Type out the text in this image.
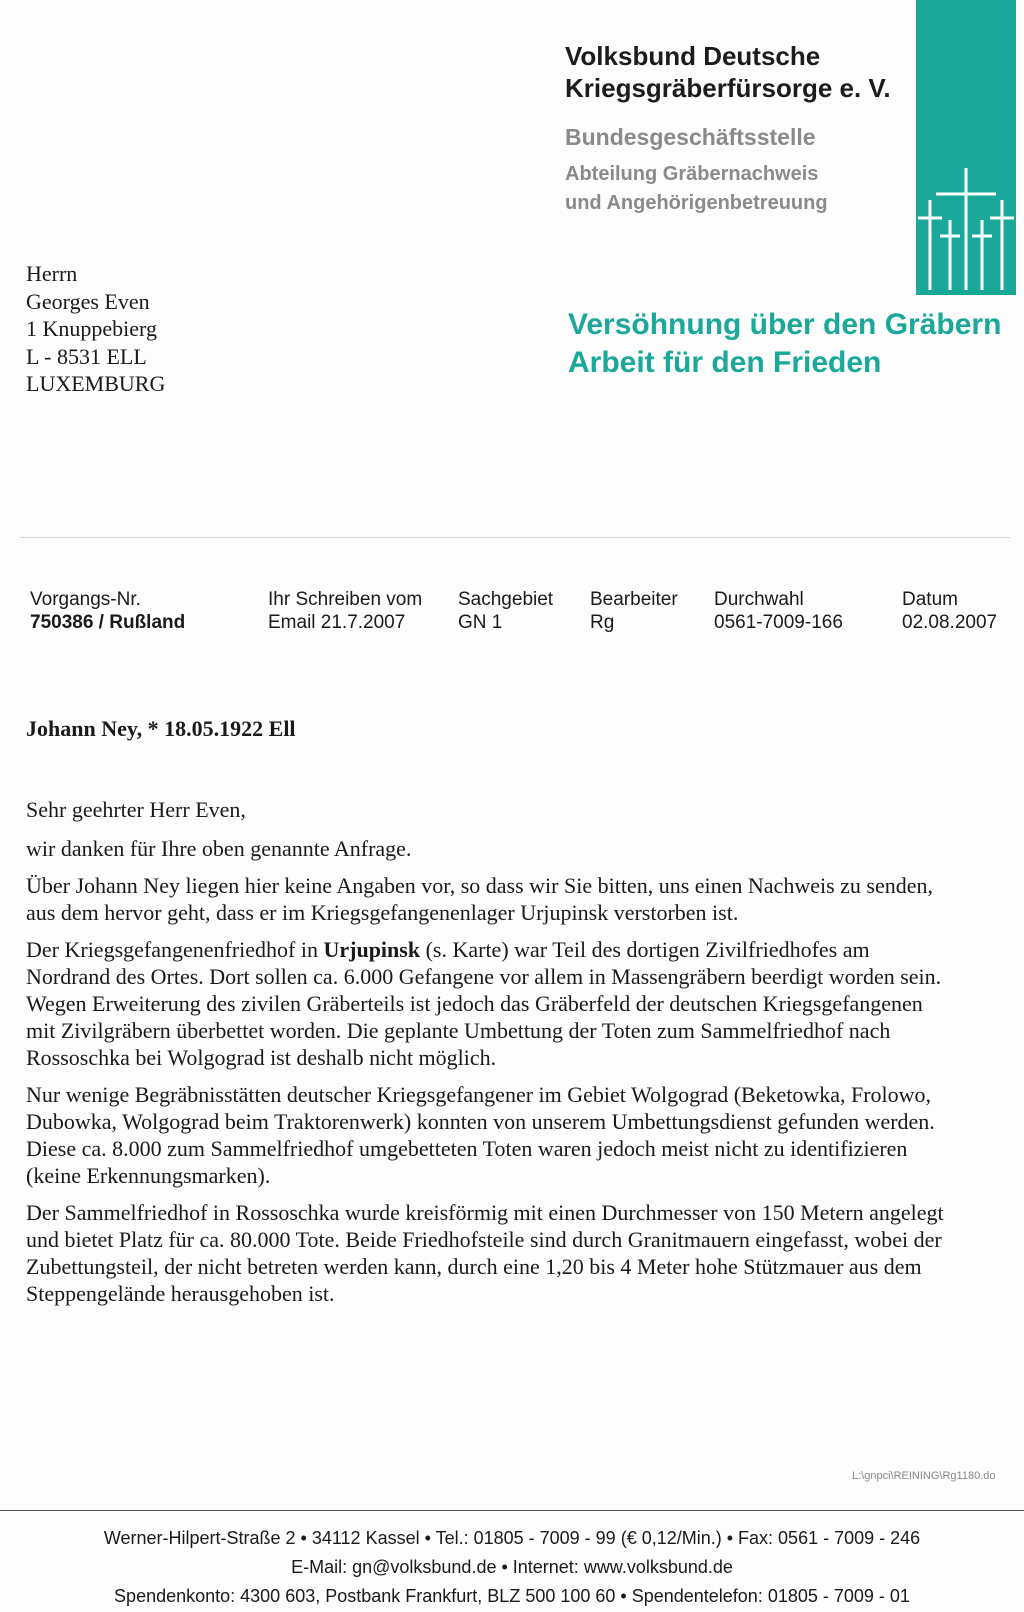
Volksbund Deutsche
Kriegsgräberfürsorge e. V.
Bundesgeschäftsstelle
Abteilung Gräbernachweis
und Angehörigenbetreuung
Versöhnung über den Gräbern
Arbeit für den Frieden
Herrn
Georges Even
1 Knuppebierg
L - 8531 ELL
LUXEMBURG
Vorgangs-Nr.
750386 / Rußland
Ihr Schreiben vom
Email 21.7.2007
Sachgebiet
GN 1
Bearbeiter
Rg
Durchwahl
0561-7009-166
Datum
02.08.2007
Johann Ney, * 18.05.1922 Ell

Sehr geehrter Herr Even,

wir danken für Ihre oben genannte Anfrage.

Über Johann Ney liegen hier keine Angaben vor, so dass wir Sie bitten, uns einen Nachweis zu senden, aus dem hervor geht, dass er im Kriegsgefangenenlager Urjupinsk verstorben ist.

Der Kriegsgefangenenfriedhof in Urjupinsk (s. Karte) war Teil des dortigen Zivilfriedhofes am Nordrand des Ortes. Dort sollen ca. 6.000 Gefangene vor allem in Massengräbern beerdigt worden sein. Wegen Erweiterung des zivilen Gräberteils ist jedoch das Gräberfeld der deutschen Kriegsgefangenen mit Zivilgräbern überbettet worden. Die geplante Umbettung der Toten zum Sammelfriedhof nach Rossoschka bei Wolgograd ist deshalb nicht möglich.

Nur wenige Begräbnisstätten deutscher Kriegsgefangener im Gebiet Wolgograd (Beketowka, Frolowo, Dubowka, Wolgograd beim Traktorenwerk) konnten von unserem Umbettungsdienst gefunden werden. Diese ca. 8.000 zum Sammelfriedhof umgebetteten Toten waren jedoch meist nicht zu identifizieren (keine Erkennungsmarken).

Der Sammelfriedhof in Rossoschka wurde kreisförmig mit einen Durchmesser von 150 Metern angelegt und bietet Platz für ca. 80.000 Tote. Beide Friedhofsteile sind durch Granitmauern eingefasst, wobei der Zubettungsteil, der nicht betreten werden kann, durch eine 1,20 bis 4 Meter hohe Stützmauer aus dem Steppengelände herausgehoben ist.

L:\gnpci\REINING\Rg1180.do
Werner-Hilpert-Straße 2 • 34112 Kassel • Tel.: 01805 - 7009 - 99 (€ 0,12/Min.) • Fax: 0561 - 7009 - 246
E-Mail: gn@volksbund.de • Internet: www.volksbund.de
Spendenkonto: 4300 603, Postbank Frankfurt, BLZ 500 100 60 • Spendentelefon: 01805 - 7009 - 01
